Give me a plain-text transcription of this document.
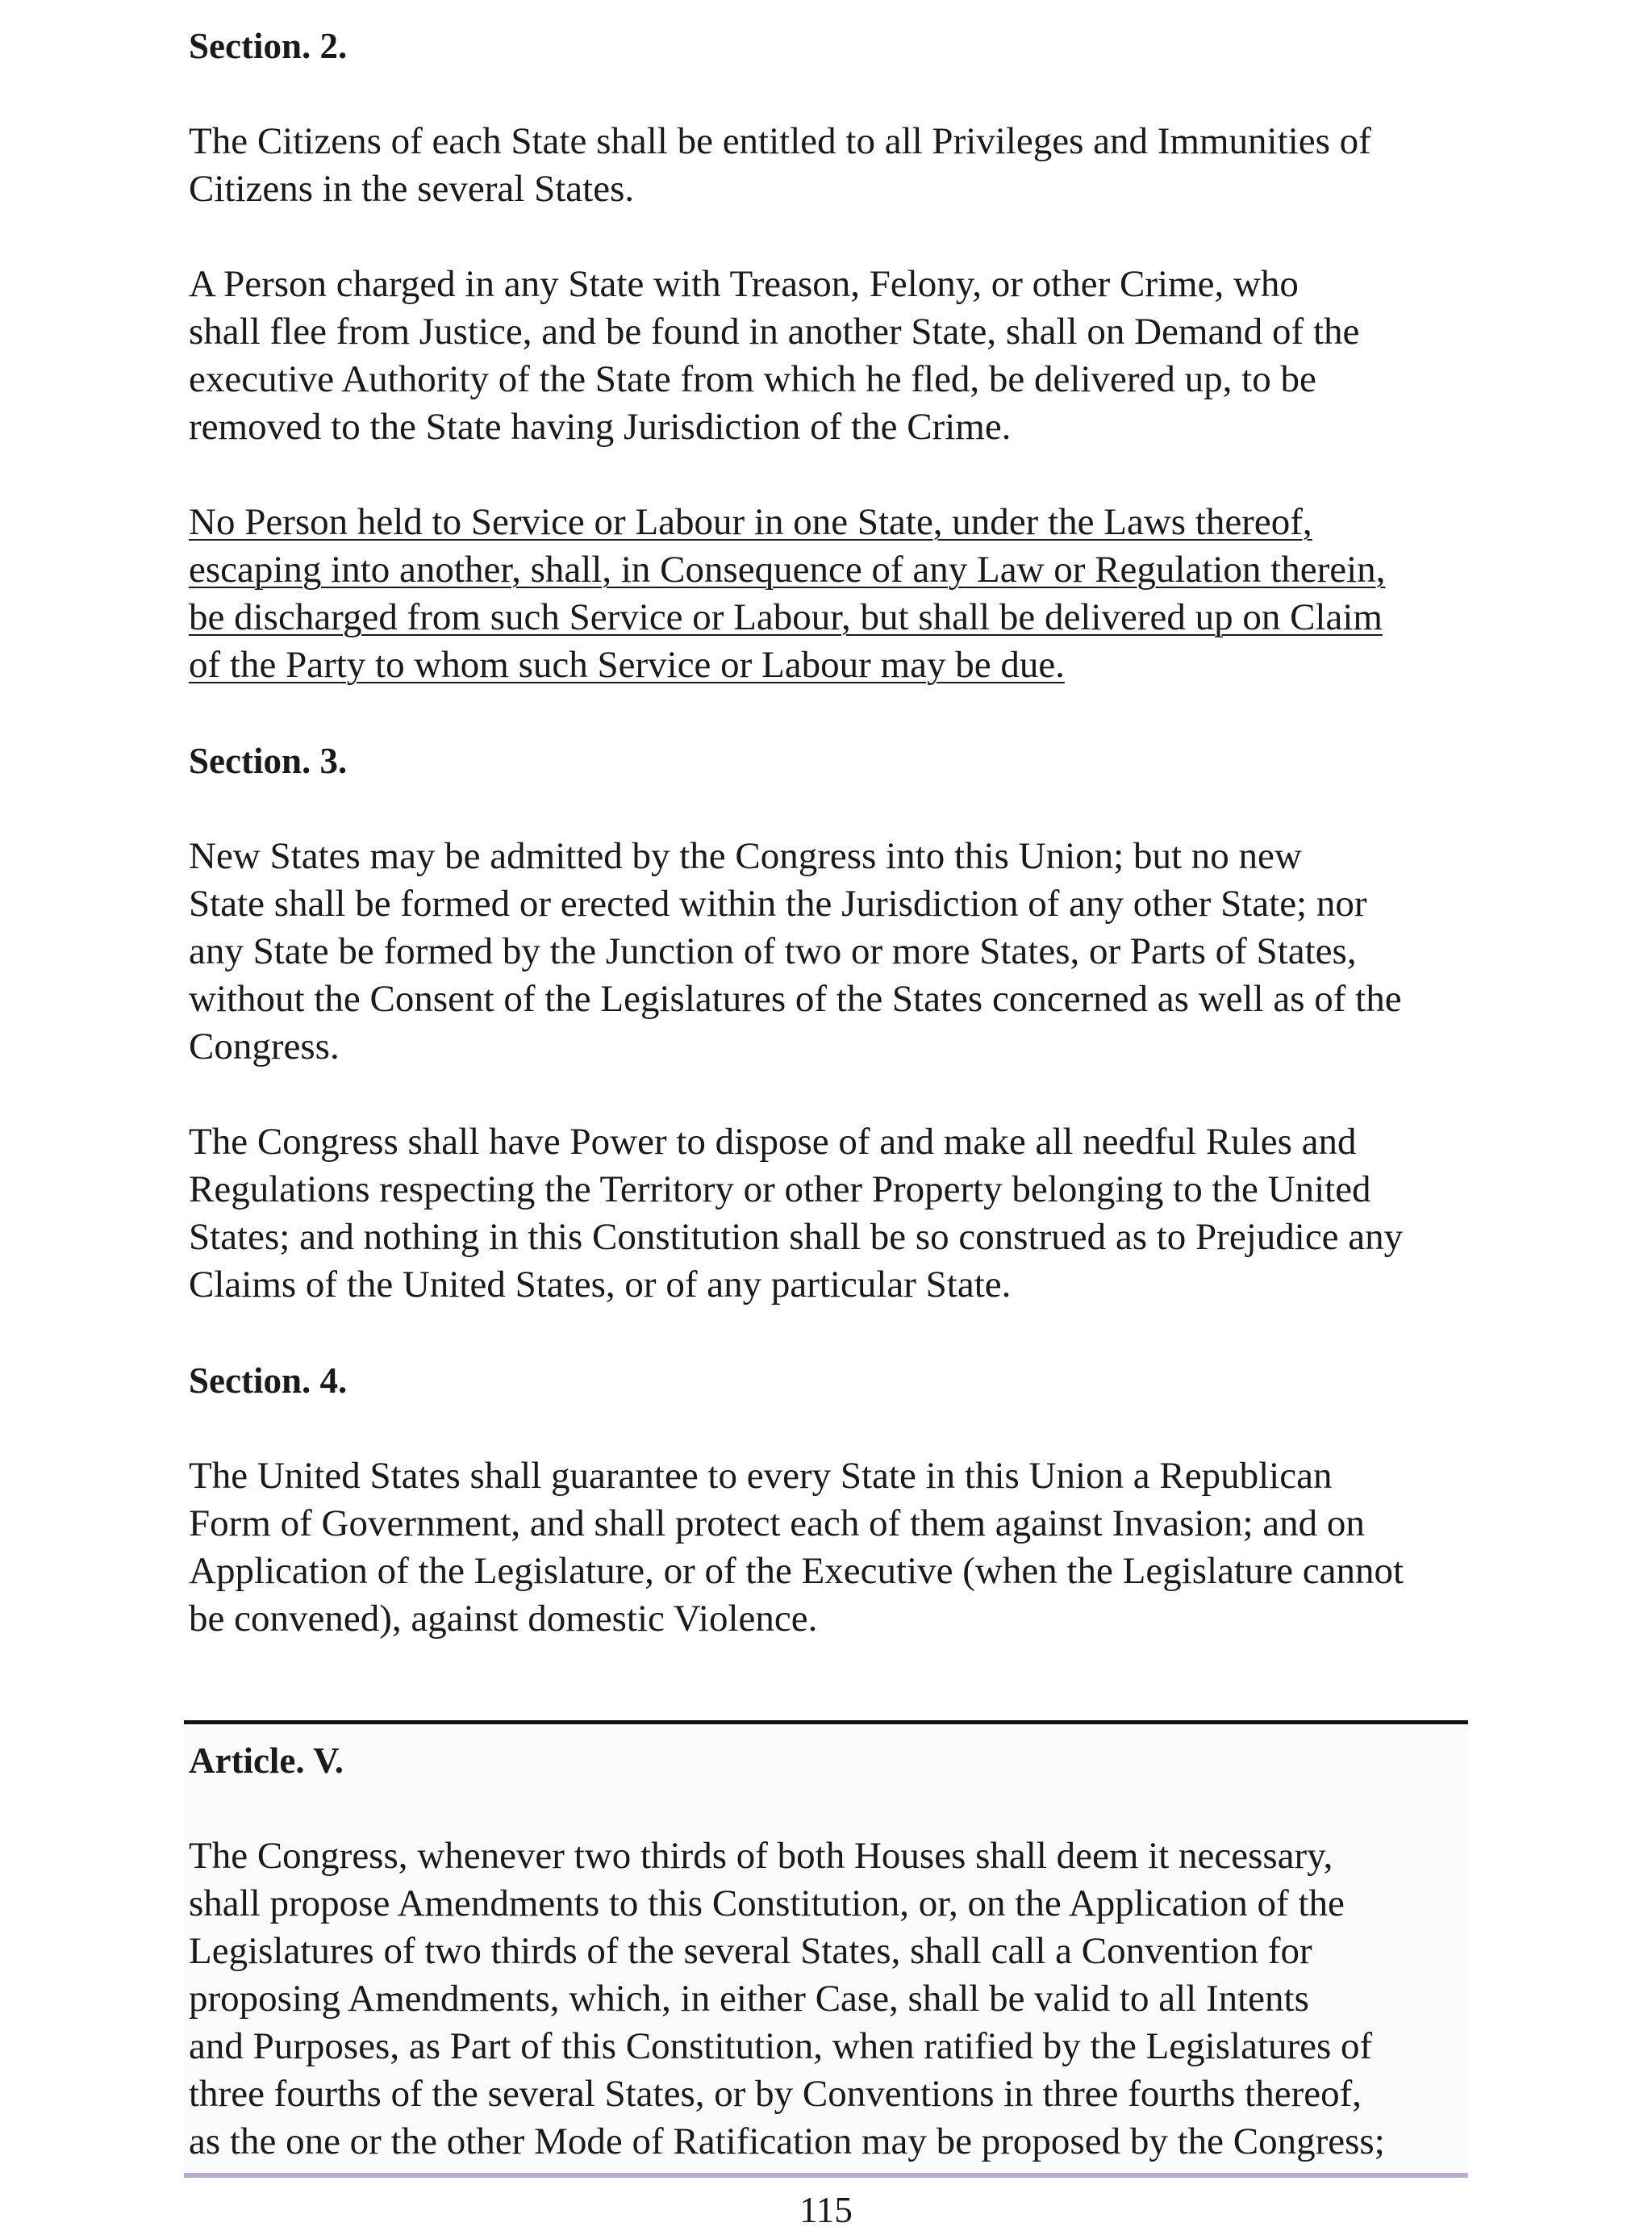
Section. 2.

The Citizens of each State shall be entitled to all Privileges and Immunities of
Citizens in the several States.

A Person charged in any State with Treason, Felony, or other Crime, who
shall flee from Justice, and be found in another State, shall on Demand of the
executive Authority of the State from which he fled, be delivered up, to be
removed to the State having Jurisdiction of the Crime.

No Person held to Service or Labour in one State, under the Laws thereof,
escaping into another, shall, in Consequence of any Law or Regulation therein,
be discharged from such Service or Labour, but shall be delivered up on Claim
of the Party to whom such Service or Labour may be due.

Section. 3.

New States may be admitted by the Congress into this Union; but no new
State shall be formed or erected within the Jurisdiction of any other State; nor
any State be formed by the Junction of two or more States, or Parts of States,
without the Consent of the Legislatures of the States concerned as well as of the
Congress.

The Congress shall have Power to dispose of and make all needful Rules and
Regulations respecting the Territory or other Property belonging to the United
States; and nothing in this Constitution shall be so construed as to Prejudice any
Claims of the United States, or of any particular State.

Section. 4.

The United States shall guarantee to every State in this Union a Republican
Form of Government, and shall protect each of them against Invasion; and on
Application of the Legislature, or of the Executive (when the Legislature cannot
be convened), against domestic Violence.

Article. V.

The Congress, whenever two thirds of both Houses shall deem it necessary,
shall propose Amendments to this Constitution, or, on the Application of the
Legislatures of two thirds of the several States, shall call a Convention for
proposing Amendments, which, in either Case, shall be valid to all Intents
and Purposes, as Part of this Constitution, when ratified by the Legislatures of
three fourths of the several States, or by Conventions in three fourths thereof,
as the one or the other Mode of Ratification may be proposed by the Congress;

115
